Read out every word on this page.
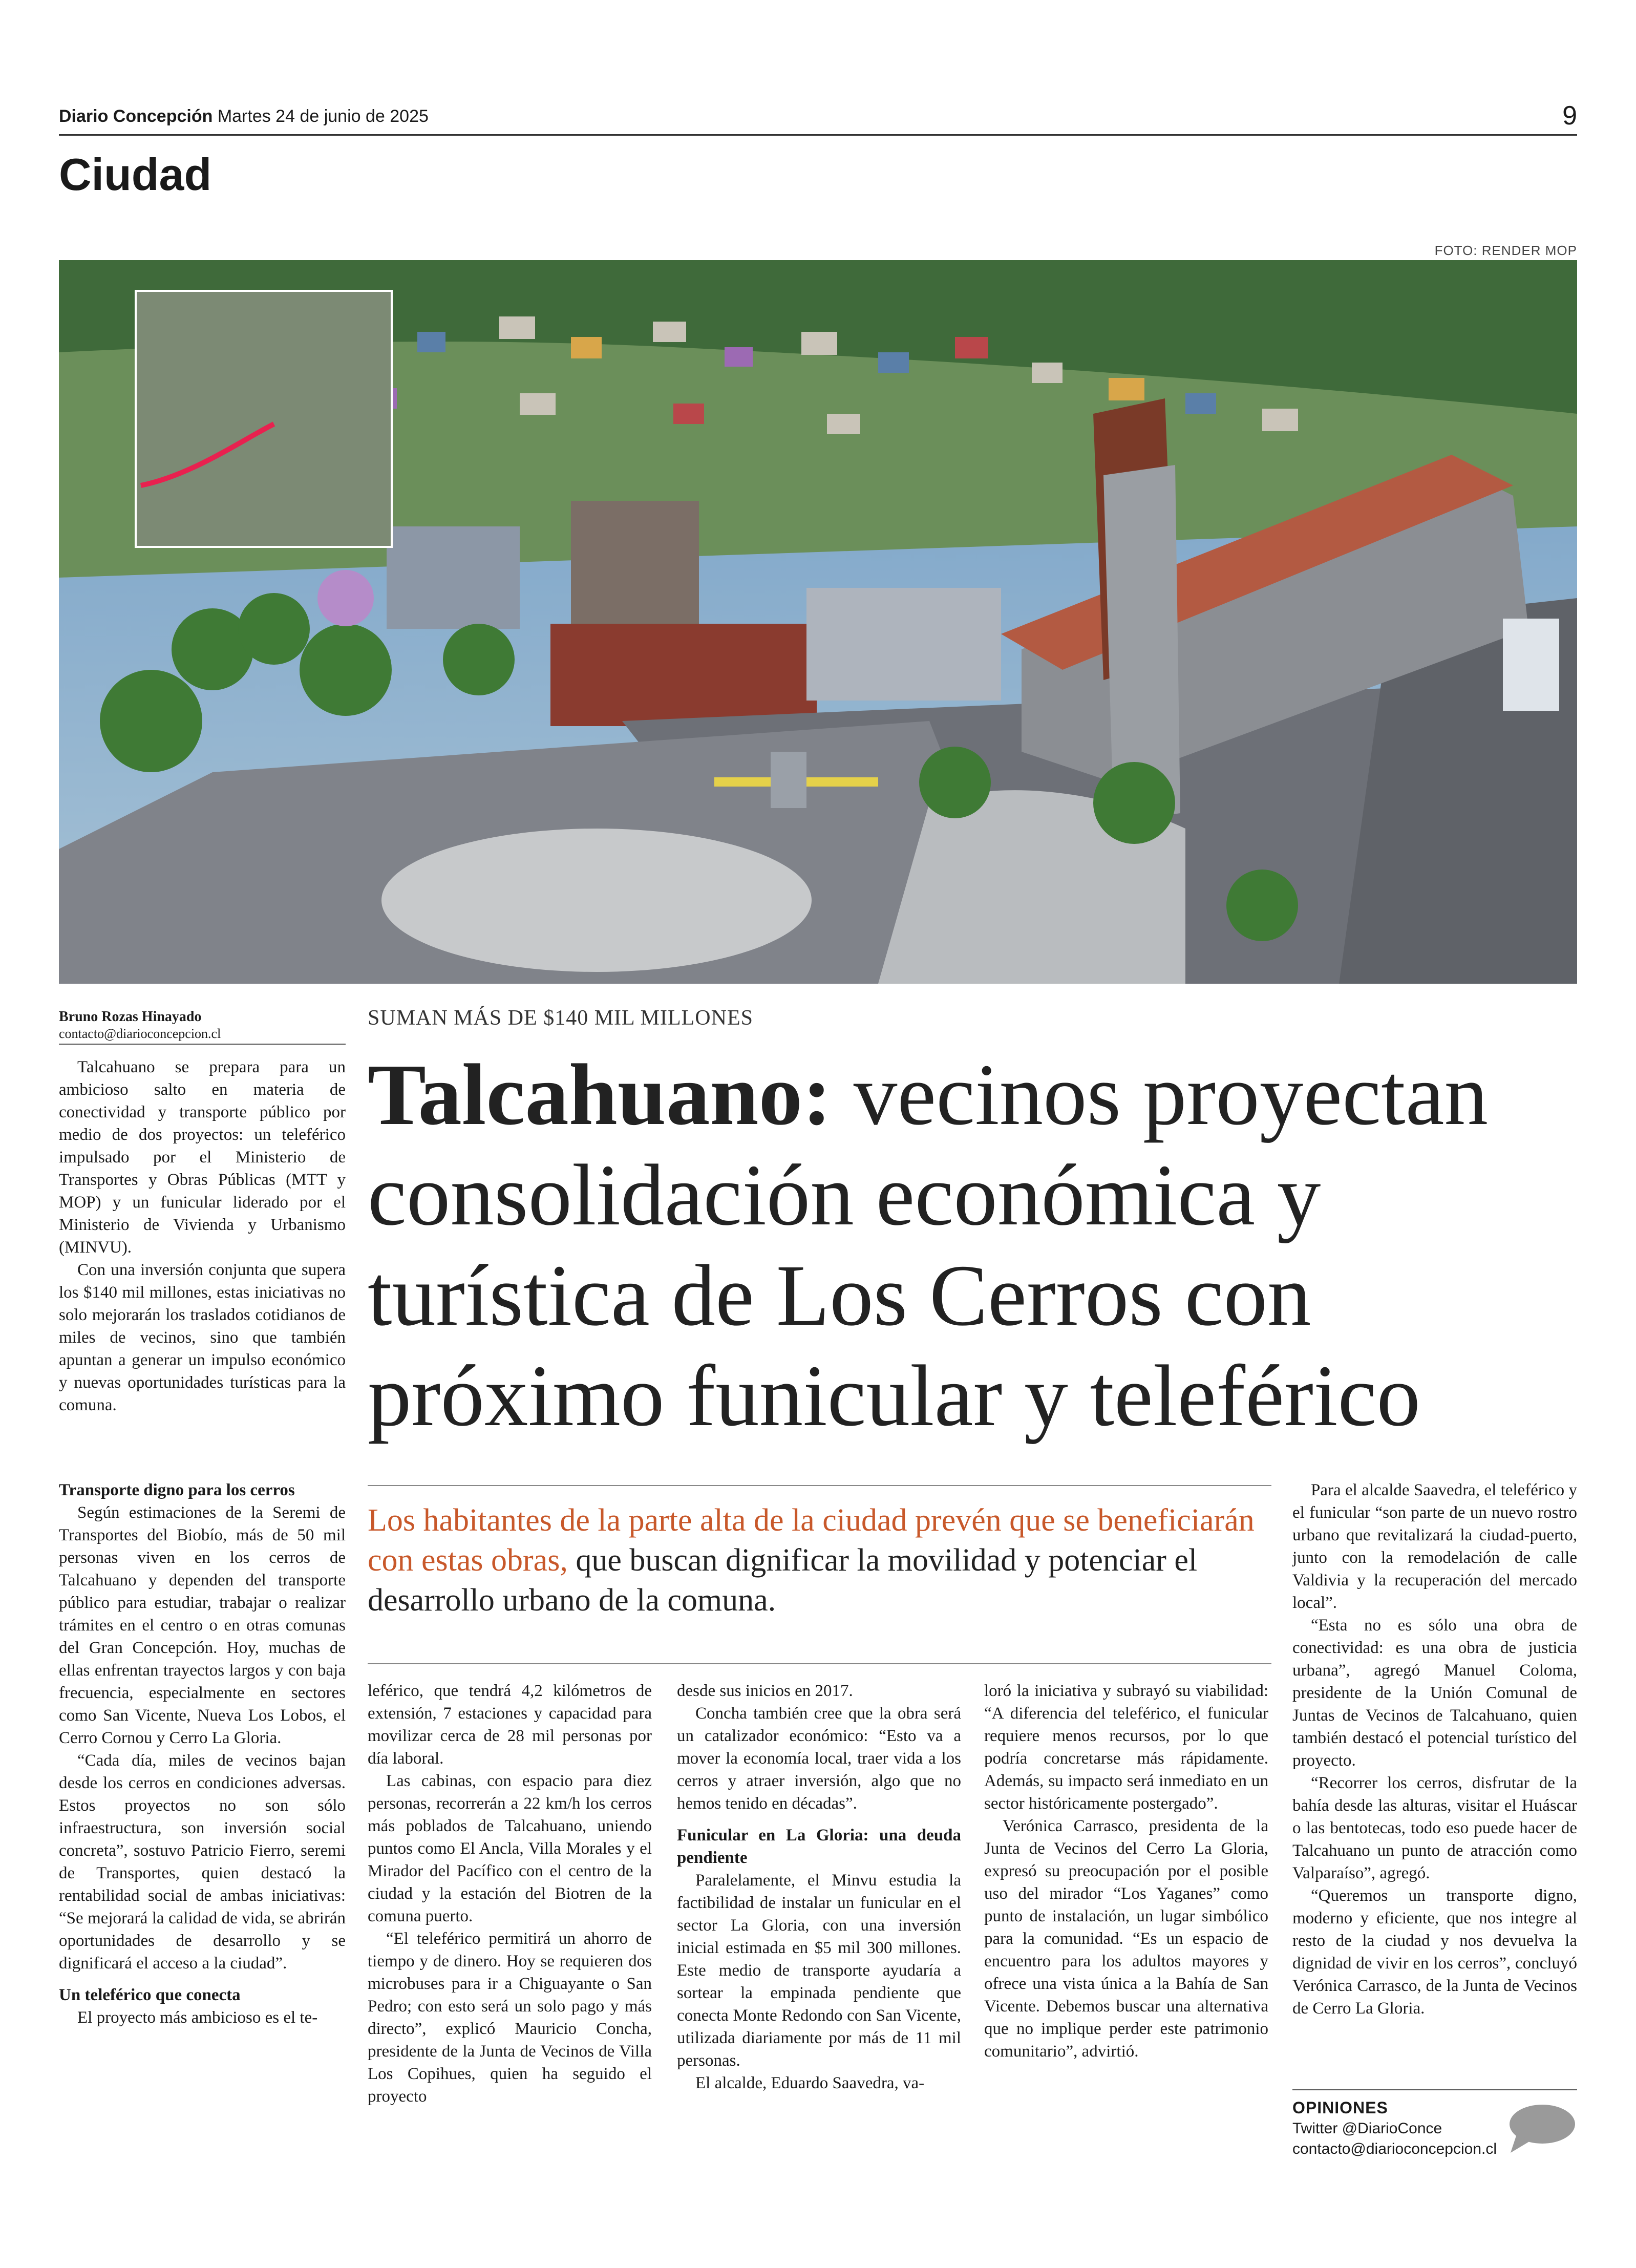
Diario Concepción Martes 24 de junio de 2025	9
Ciudad
FOTO: RENDER MOP
Bruno Rozas Hinayado
contacto@diarioconcepcion.cl
SUMAN MÁS DE $140 MIL MILLONES
Talcahuano: vecinos proyectan consolidación económica y turística de Los Cerros con próximo funicular y teleférico
Los habitantes de la parte alta de la ciudad prevén que se beneficiarán con estas obras, que buscan dignificar la movilidad y potenciar el desarrollo urbano de la comuna.

Talcahuano se prepara para un ambicioso salto en materia de conectividad y transporte público por medio de dos proyectos: un teleférico impulsado por el Ministerio de Transportes y Obras Públicas (MTT y MOP) y un funicular liderado por el Ministerio de Vivienda y Urbanismo (MINVU).

Con una inversión conjunta que supera los $140 mil millones, estas iniciativas no solo mejorarán los traslados cotidianos de miles de vecinos, sino que también apuntan a generar un impulso económico y nuevas oportunidades turísticas para la comuna.

Transporte digno para los cerros

Según estimaciones de la Seremi de Transportes del Biobío, más de 50 mil personas viven en los cerros de Talcahuano y dependen del transporte público para estudiar, trabajar o realizar trámites en el centro o en otras comunas del Gran Concepción. Hoy, muchas de ellas enfrentan trayectos largos y con baja frecuencia, especialmente en sectores como San Vicente, Nueva Los Lobos, el Cerro Cornou y Cerro La Gloria.

“Cada día, miles de vecinos bajan desde los cerros en condiciones adversas. Estos proyectos no son sólo infraestructura, son inversión social concreta”, sostuvo Patricio Fierro, seremi de Transportes, quien destacó la rentabilidad social de ambas iniciativas: “Se mejorará la calidad de vida, se abrirán oportunidades de desarrollo y se dignificará el acceso a la ciudad”.

Un teleférico que conecta

El proyecto más ambicioso es el te-

leférico, que tendrá 4,2 kilómetros de extensión, 7 estaciones y capacidad para movilizar cerca de 28 mil personas por día laboral.

Las cabinas, con espacio para diez personas, recorrerán a 22 km/h los cerros más poblados de Talcahuano, uniendo puntos como El Ancla, Villa Morales y el Mirador del Pacífico con el centro de la ciudad y la estación del Biotren de la comuna puerto.

“El teleférico permitirá un ahorro de tiempo y de dinero. Hoy se requieren dos microbuses para ir a Chiguayante o San Pedro; con esto será un solo pago y más directo”, explicó Mauricio Concha, presidente de la Junta de Vecinos de Villa Los Copihues, quien ha seguido el proyecto

desde sus inicios en 2017.

Concha también cree que la obra será un catalizador económico: “Esto va a mover la economía local, traer vida a los cerros y atraer inversión, algo que no hemos tenido en décadas”.

Funicular en La Gloria: una deuda pendiente

Paralelamente, el Minvu estudia la factibilidad de instalar un funicular en el sector La Gloria, con una inversión inicial estimada en $5 mil 300 millones. Este medio de transporte ayudaría a sortear la empinada pendiente que conecta Monte Redondo con San Vicente, utilizada diariamente por más de 11 mil personas.

El alcalde, Eduardo Saavedra, va-

loró la iniciativa y subrayó su viabilidad: “A diferencia del teleférico, el funicular requiere menos recursos, por lo que podría concretarse más rápidamente. Además, su impacto será inmediato en un sector históricamente postergado”.

Verónica Carrasco, presidenta de la Junta de Vecinos del Cerro La Gloria, expresó su preocupación por el posible uso del mirador “Los Yaganes” como punto de instalación, un lugar simbólico para la comunidad. “Es un espacio de encuentro para los adultos mayores y ofrece una vista única a la Bahía de San Vicente. Debemos buscar una alternativa que no implique perder este patrimonio comunitario”, advirtió.

Para el alcalde Saavedra, el teleférico y el funicular “son parte de un nuevo rostro urbano que revitalizará la ciudad-puerto, junto con la remodelación de calle Valdivia y la recuperación del mercado local”.

“Esta no es sólo una obra de conectividad: es una obra de justicia urbana”, agregó Manuel Coloma, presidente de la Unión Comunal de Juntas de Vecinos de Talcahuano, quien también destacó el potencial turístico del proyecto.

“Recorrer los cerros, disfrutar de la bahía desde las alturas, visitar el Huáscar o las bentotecas, todo eso puede hacer de Talcahuano un punto de atracción como Valparaíso”, agregó.

“Queremos un transporte digno, moderno y eficiente, que nos integre al resto de la ciudad y nos devuelva la dignidad de vivir en los cerros”, concluyó Verónica Carrasco, de la Junta de Vecinos de Cerro La Gloria.

OPINIONES
Twitter @DiarioConce
contacto@diarioconcepcion.cl
